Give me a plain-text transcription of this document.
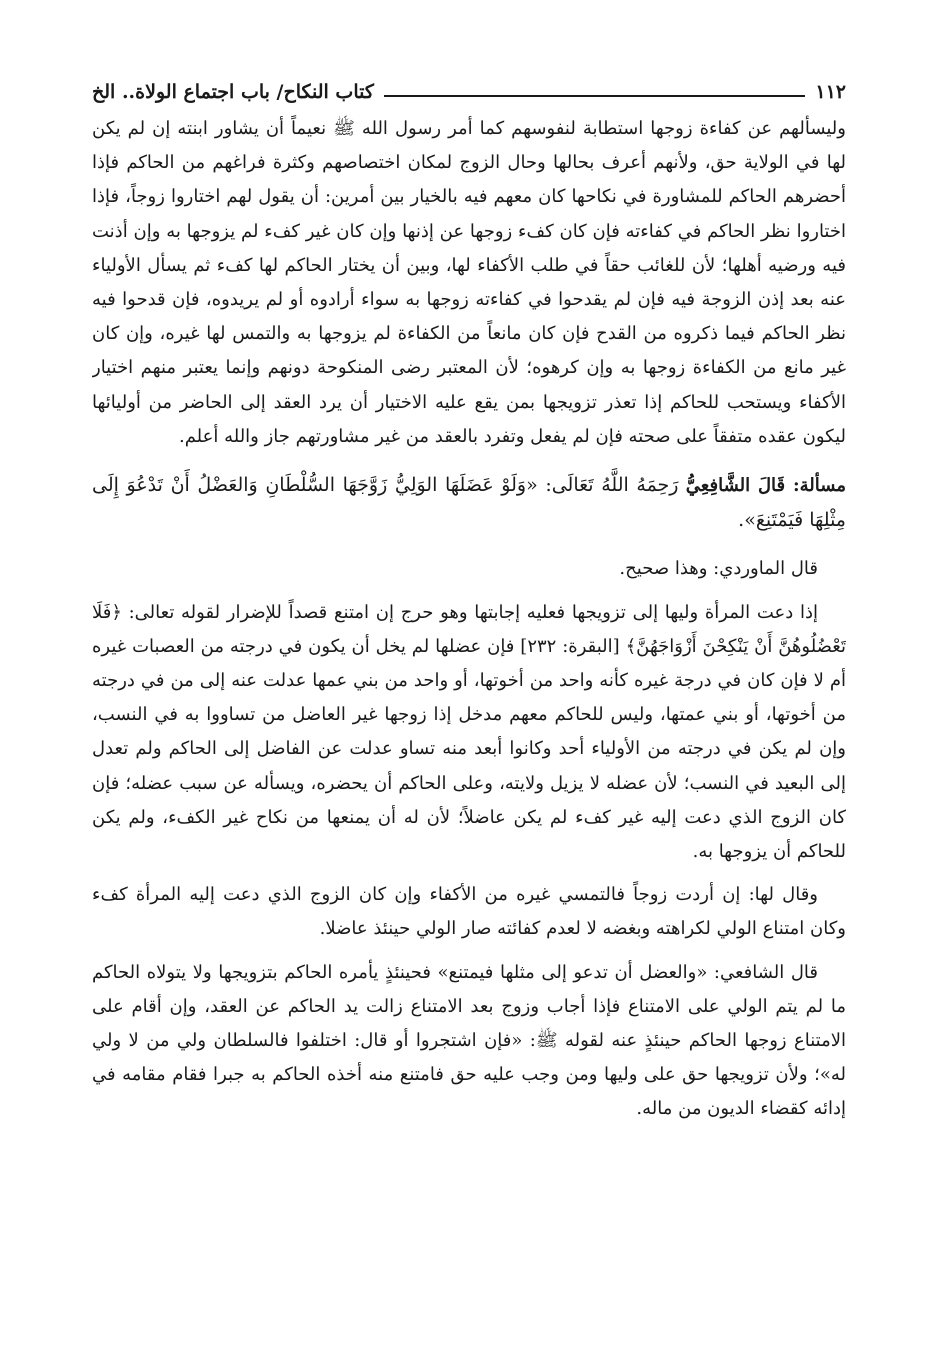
١١٢
كتاب النكاح/ باب اجتماع الولاة.. الخ

وليسألهم عن كفاءة زوجها استطابة لنفوسهم كما أمر رسول الله ﷺ نعيماً أن يشاور ابنته إن لم يكن لها في الولاية حق، ولأنهم أعرف بحالها وحال الزوج لمكان اختصاصهم وكثرة فراغهم من الحاكم فإذا أحضرهم الحاكم للمشاورة في نكاحها كان معهم فيه بالخيار بين أمرين: أن يقول لهم اختاروا زوجاً، فإذا اختاروا نظر الحاكم في كفاءته فإن كان كفء زوجها عن إذنها وإن كان غير كفء لم يزوجها به وإن أذنت فيه ورضيه أهلها؛ لأن للغائب حقاً في طلب الأكفاء لها، وبين أن يختار الحاكم لها كفء ثم يسأل الأولياء عنه بعد إذن الزوجة فيه فإن لم يقدحوا في كفاءته زوجها به سواء أرادوه أو لم يريدوه، فإن قدحوا فيه نظر الحاكم فيما ذكروه من القدح فإن كان مانعاً من الكفاءة لم يزوجها به والتمس لها غيره، وإن كان غير مانع من الكفاءة زوجها به وإن كرهوه؛ لأن المعتبر رضى المنكوحة دونهم وإنما يعتبر منهم اختيار الأكفاء ويستحب للحاكم إذا تعذر تزويجها بمن يقع عليه الاختيار أن يرد العقد إلى الحاضر من أوليائها ليكون عقده متفقاً على صحته فإن لم يفعل وتفرد بالعقد من غير مشاورتهم جاز والله أعلم.

مسألة: قَالَ الشَّافِعِيُّ رَحِمَهُ اللَّهُ تَعَالَى: «وَلَوْ عَضَلَهَا الوَلِيُّ زَوَّجَهَا السُّلْطَانِ وَالعَضْلُ أَنْ تَدْعُوَ إِلَى مِثْلِهَا فَيَمْتَنِعَ».

قال الماوردي: وهذا صحيح.

إذا دعت المرأة وليها إلى تزويجها فعليه إجابتها وهو حرج إن امتنع قصداً للإضرار لقوله تعالى: ﴿فَلَا تَعْضُلُوهُنَّ أَنْ يَنْكِحْنَ أَزْوَاجَهُنَّ﴾ [البقرة: ٢٣٢] فإن عضلها لم يخل أن يكون في درجته من العصبات غيره أم لا فإن كان في درجة غيره كأنه واحد من أخوتها، أو واحد من بني عمها عدلت عنه إلى من في درجته من أخوتها، أو بني عمتها، وليس للحاكم معهم مدخل إذا زوجها غير العاضل من تساووا به في النسب، وإن لم يكن في درجته من الأولياء أحد وكانوا أبعد منه تساو عدلت عن الفاضل إلى الحاكم ولم تعدل إلى البعيد في النسب؛ لأن عضله لا يزيل ولايته، وعلى الحاكم أن يحضره، ويسأله عن سبب عضله؛ فإن كان الزوج الذي دعت إليه غير كفء لم يكن عاضلاً؛ لأن له أن يمنعها من نكاح غير الكفء، ولم يكن للحاكم أن يزوجها به.

وقال لها: إن أردت زوجاً فالتمسي غيره من الأكفاء وإن كان الزوج الذي دعت إليه المرأة كفء وكان امتناع الولي لكراهته وبغضه لا لعدم كفائته صار الولي حينئذ عاضلا.

قال الشافعي: «والعضل أن تدعو إلى مثلها فيمتنع» فحينئذٍ يأمره الحاكم بتزويجها ولا يتولاه الحاكم ما لم يتم الولي على الامتناع فإذا أجاب وزوج بعد الامتناع زالت يد الحاكم عن العقد، وإن أقام على الامتناع زوجها الحاكم حينئذٍ عنه لقوله ﷺ: «فإن اشتجروا أو قال: اختلفوا فالسلطان ولي من لا ولي له»؛ ولأن تزويجها حق على وليها ومن وجب عليه حق فامتنع منه أخذه الحاكم به جبرا فقام مقامه في إدائه كقضاء الديون من ماله.
